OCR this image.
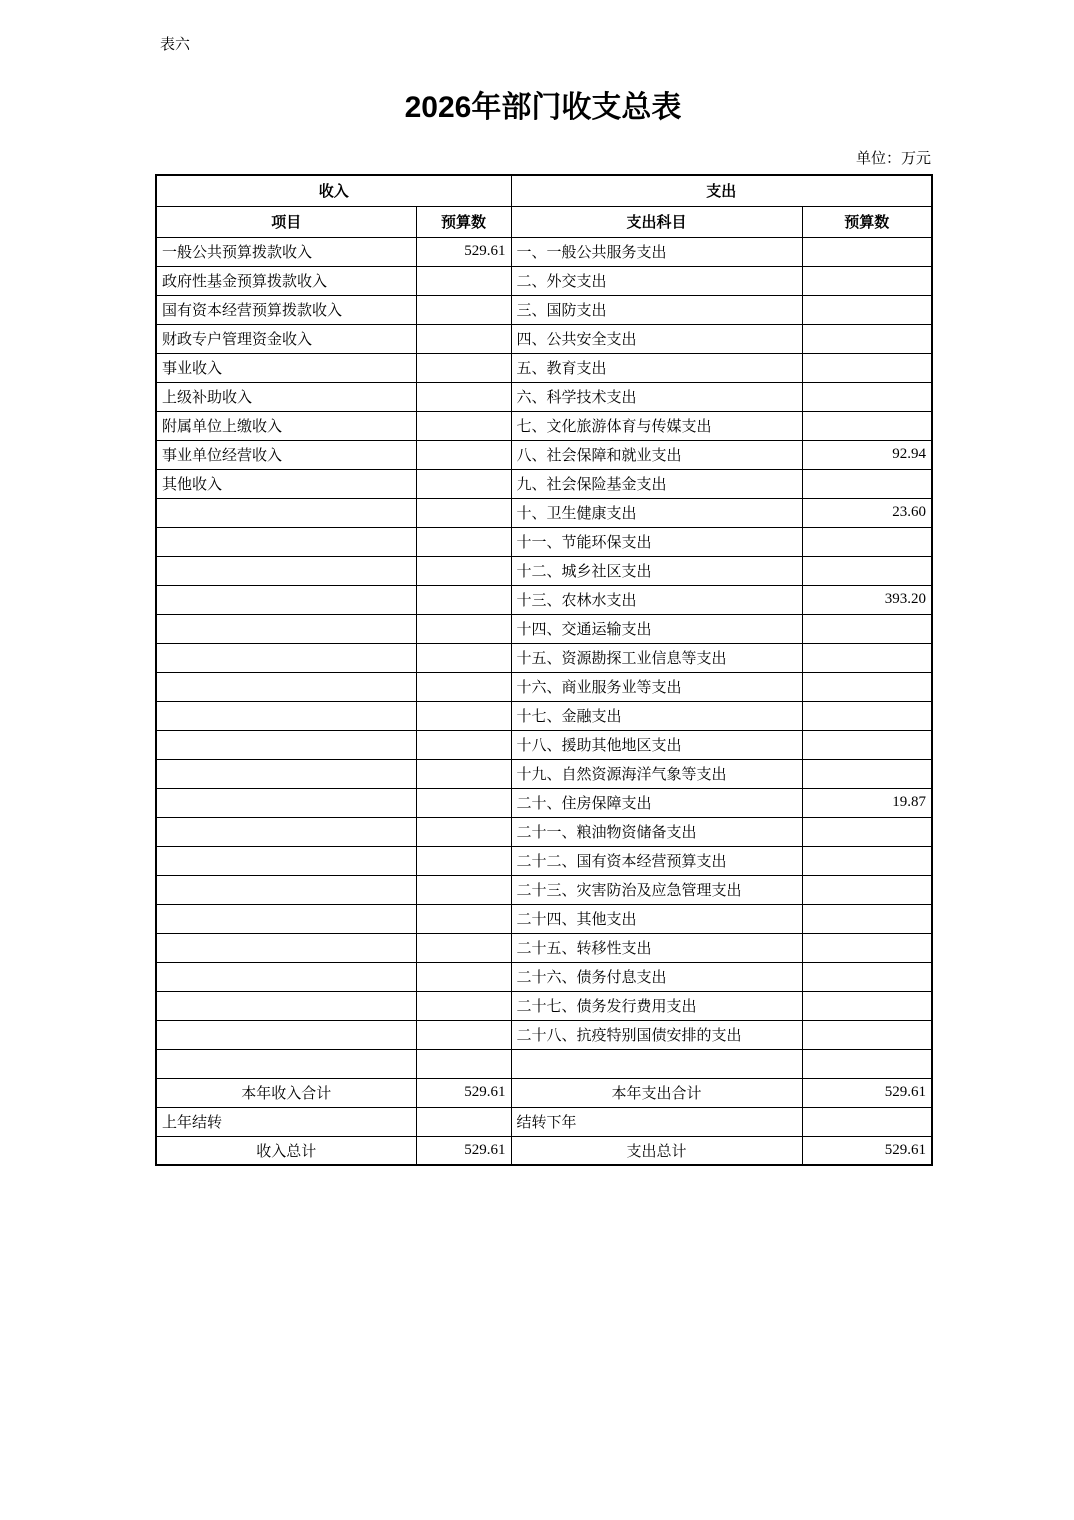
表六
2026年部门收支总表
单位：万元
收入		支出	
项目	预算数	支出科目	预算数
一般公共预算拨款收入	529.61	一、一般公共服务支出	
政府性基金预算拨款收入		二、外交支出	
国有资本经营预算拨款收入		三、国防支出	
财政专户管理资金收入		四、公共安全支出	
事业收入		五、教育支出	
上级补助收入		六、科学技术支出	
附属单位上缴收入		七、文化旅游体育与传媒支出	
事业单位经营收入		八、社会保障和就业支出	92.94
其他收入		九、社会保险基金支出	
		十、卫生健康支出	23.60
		十一、节能环保支出	
		十二、城乡社区支出	
		十三、农林水支出	393.20
		十四、交通运输支出	
		十五、资源勘探工业信息等支出	
		十六、商业服务业等支出	
		十七、金融支出	
		十八、援助其他地区支出	
		十九、自然资源海洋气象等支出	
		二十、住房保障支出	19.87
		二十一、粮油物资储备支出	
		二十二、国有资本经营预算支出	
		二十三、灾害防治及应急管理支出	
		二十四、其他支出	
		二十五、转移性支出	
		二十六、债务付息支出	
		二十七、债务发行费用支出	
		二十八、抗疫特别国债安排的支出	

本年收入合计	529.61	本年支出合计	529.61
上年结转		结转下年	
收入总计	529.61	支出总计	529.61
